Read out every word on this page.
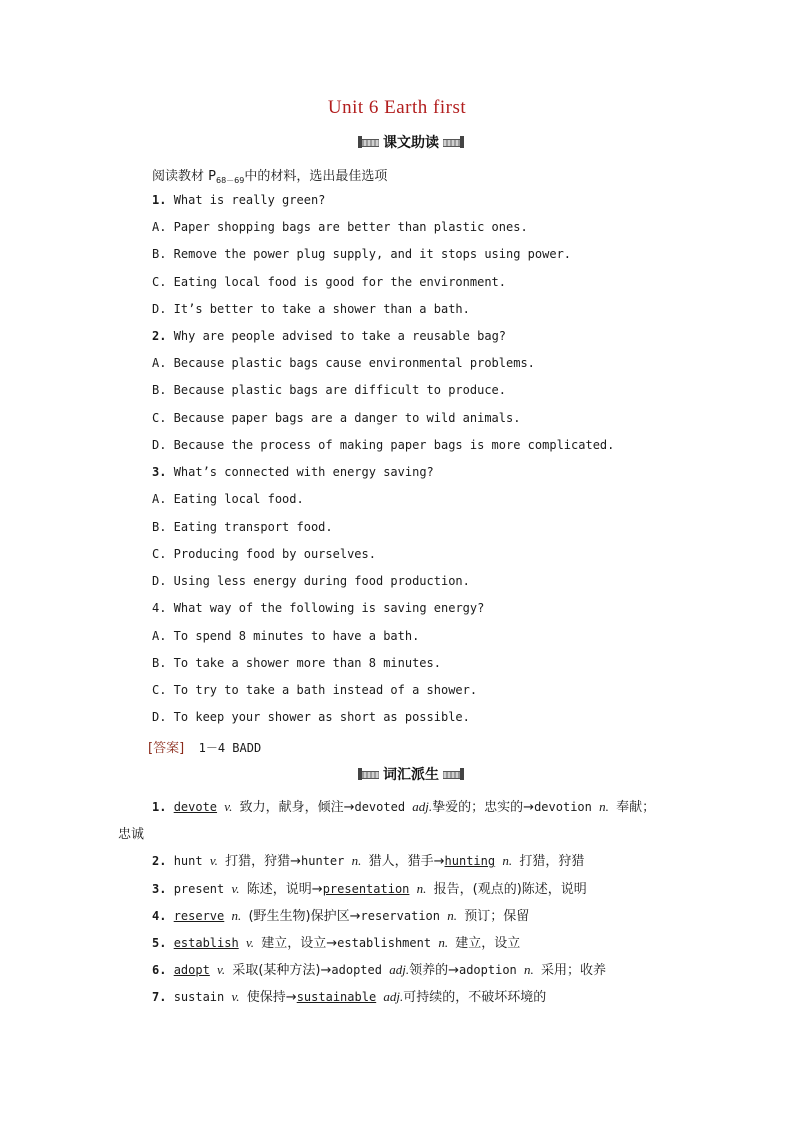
Unit 6 Earth first
课文助读
阅读教材 $P_{68-69}$中的材料，选出最佳选项
1. What is really green?
A. Paper shopping bags are better than plastic ones.
B. Remove the power plug supply, and it stops using power.
C. Eating local food is good for the environment.
D. It’s better to take a shower than a bath.
2. Why are people advised to take a reusable bag?
A. Because plastic bags cause environmental problems.
B. Because plastic bags are difficult to produce.
C. Because paper bags are a danger to wild animals.
D. Because the process of making paper bags is more complicated.
3. What’s connected with energy saving?
A. Eating local food.
B. Eating transport food.
C. Producing food by ourselves.
D. Using less energy during food production.
4. What way of the following is saving energy?
A. To spend 8 minutes to have a bath.
B. To take a shower more than 8 minutes.
C. To try to take a bath instead of a shower.
D. To keep your shower as short as possible.
[答案] 1－4 BADD
词汇派生
1. devote v. 致力，献身，倾注→devoted adj.挚爱的；忠实的→devotion n. 奉献；
忠诚
2. hunt v. 打猎，狩猎→hunter n. 猎人，猎手→hunting n. 打猎，狩猎
3. present v. 陈述，说明→presentation n. 报告，(观点的)陈述，说明
4. reserve n. (野生生物)保护区→reservation n. 预订；保留
5. establish v. 建立，设立→establishment n. 建立，设立
6. adopt v. 采取(某种方法)→adopted adj.领养的→adoption n. 采用；收养
7. sustain v. 使保持→sustainable adj.可持续的，不破坏环境的
